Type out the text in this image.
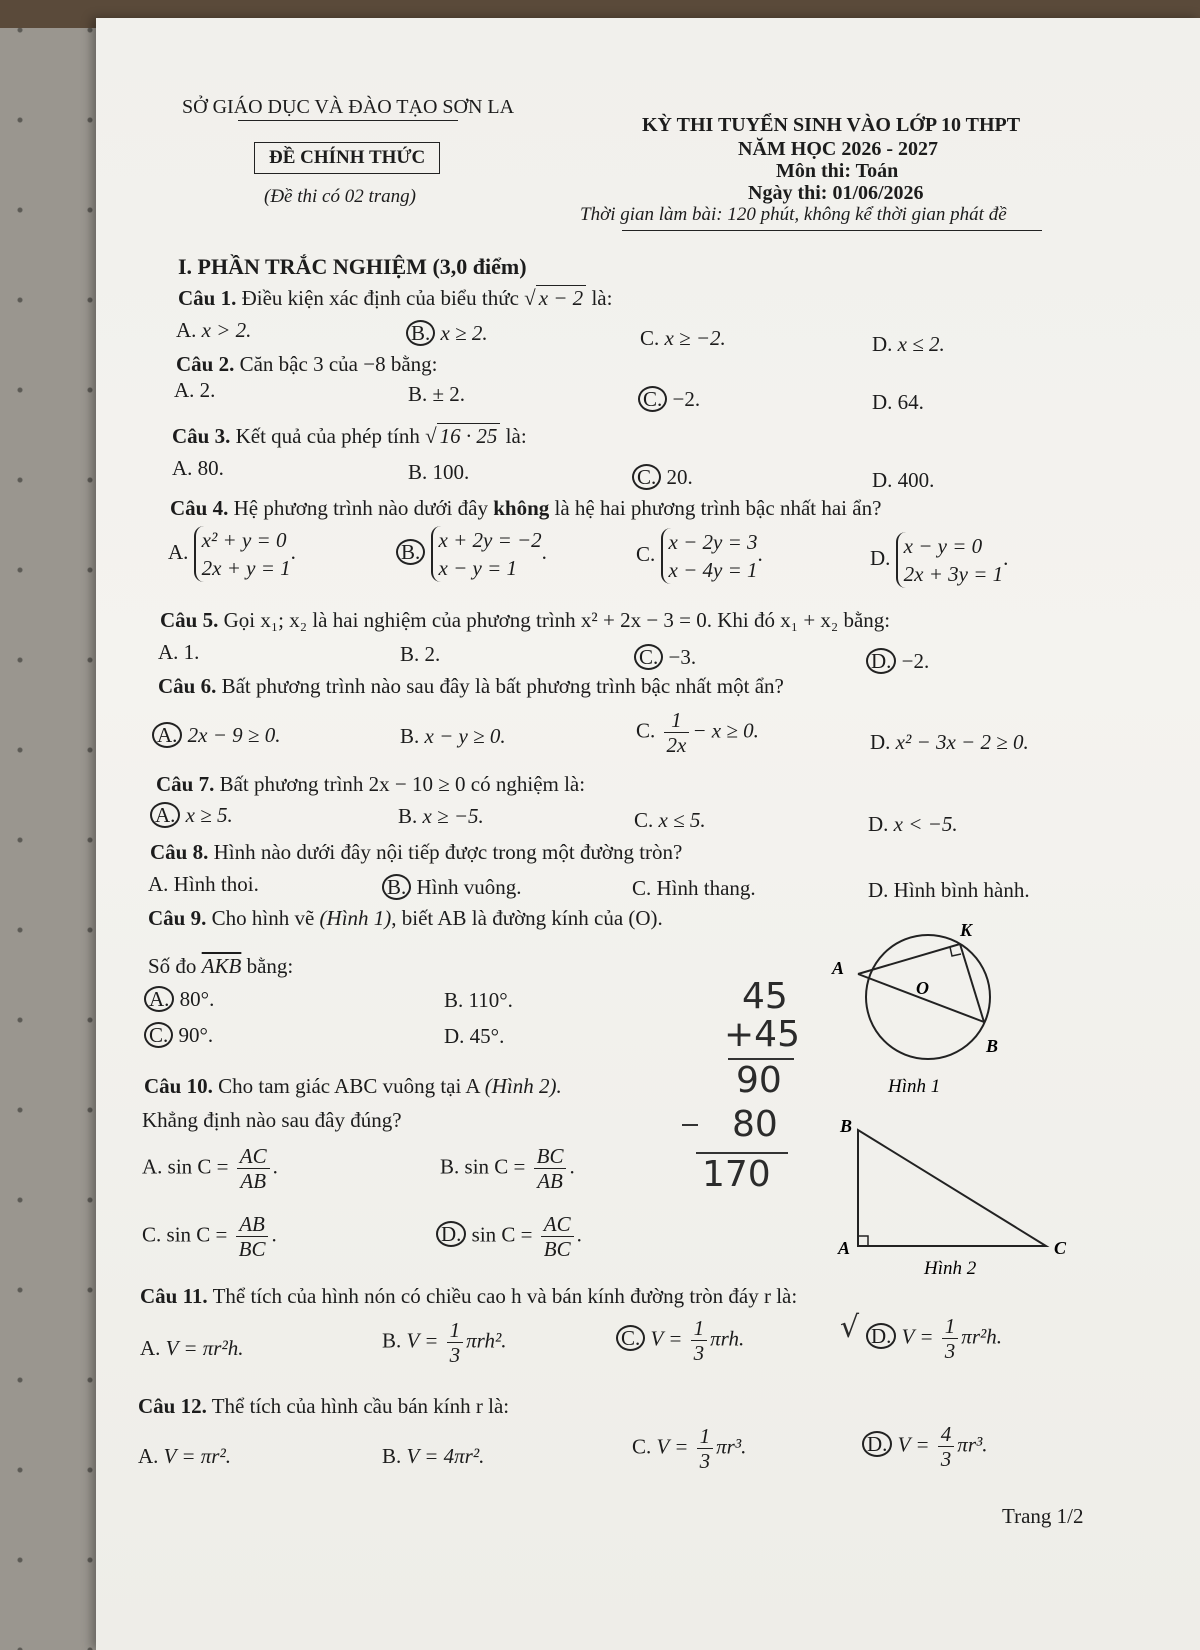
SỞ GIÁO DỤC VÀ ĐÀO TẠO SƠN LA
ĐỀ CHÍNH THỨC
(Đề thi có 02 trang)
KỲ THI TUYỂN SINH VÀO LỚP 10 THPT
NĂM HỌC 2026 - 2027
Môn thi: Toán
Ngày thi: 01/06/2026
Thời gian làm bài: 120 phút, không kể thời gian phát đề
I. PHẦN TRẮC NGHIỆM (3,0 điểm)
Câu 1. Điều kiện xác định của biểu thức √ x − 2 là:
A. x > 2.	B. x ≥ 2.	C. x ≥ −2.	D. x ≤ 2.
Câu 2. Căn bậc 3 của −8 bằng:
A. 2.	B. ± 2.	C. −2.	D. 64.
Câu 3. Kết quả của phép tính √ 16 · 25 là:
A. 80.	B. 100.	C. 20.	D. 400.
Câu 4. Hệ phương trình nào dưới đây không là hệ hai phương trình bậc nhất hai ẩn?
A. x² + y = 0
2x + y = 1.	B. x + 2y = −2
x − y = 1.	C. x − 2y = 3
x − 4y = 1.	D. x − y = 0
2x + 3y = 1.
Câu 5. Gọi x₁; x₂ là hai nghiệm của phương trình x² + 2x − 3 = 0. Khi đó x₁ + x₂ bằng:
A. 1.	B. 2.	C. −3.	D. −2.
Câu 6. Bất phương trình nào sau đây là bất phương trình bậc nhất một ẩn?
A. 2x − 9 ≥ 0.	B. x − y ≥ 0.	C. $\frac{1}{2x} - x \ge 0$.	D. x² − 3x − 2 ≥ 0.
Câu 7. Bất phương trình 2x − 10 ≥ 0 có nghiệm là:
A. x ≥ 5.	B. x ≥ −5.	C. x ≤ 5.	D. x < −5.
Câu 8. Hình nào dưới đây nội tiếp được trong một đường tròn?
A. Hình thoi.	B. Hình vuông.	C. Hình thang.	D. Hình bình hành.
Câu 9. Cho hình vẽ (Hình 1), biết AB là đường kính của (O).
Số đo $\overline{AKB}$ bằng:
A. 80°.	B. 110°.
C. 90°.	D. 45°.
K
A
O
B
Hình 1
45
+45
90
80
170
Câu 10. Cho tam giác ABC vuông tại A (Hình 2).
Khẳng định nào sau đây đúng?
A. $\sin C = \frac{AC}{AB}$ .	B. $\sin C = \frac{BC}{AB}$ .
C. $\sin C = \frac{AB}{BC}$ .	D. $\sin C = \frac{AC}{BC}$ .
B
A	C
Hình 2
Câu 11. Thể tích của hình nón có chiều cao h và bán kính đường tròn đáy r là:
A. V = πr²h.	B. $V = \frac{1}{3} \pi rh^2$.	C. $V = \frac{1}{3} \pi rh$.	√ D. $V = \frac{1}{3} \pi r^2h$.
Câu 12. Thể tích của hình cầu bán kính r là:
A. V = πr².	B. V = 4πr².	C. $V = \frac{1}{3} \pi r^3$.	D. $V = \frac{4}{3} \pi r^3$.
Trang 1/2
